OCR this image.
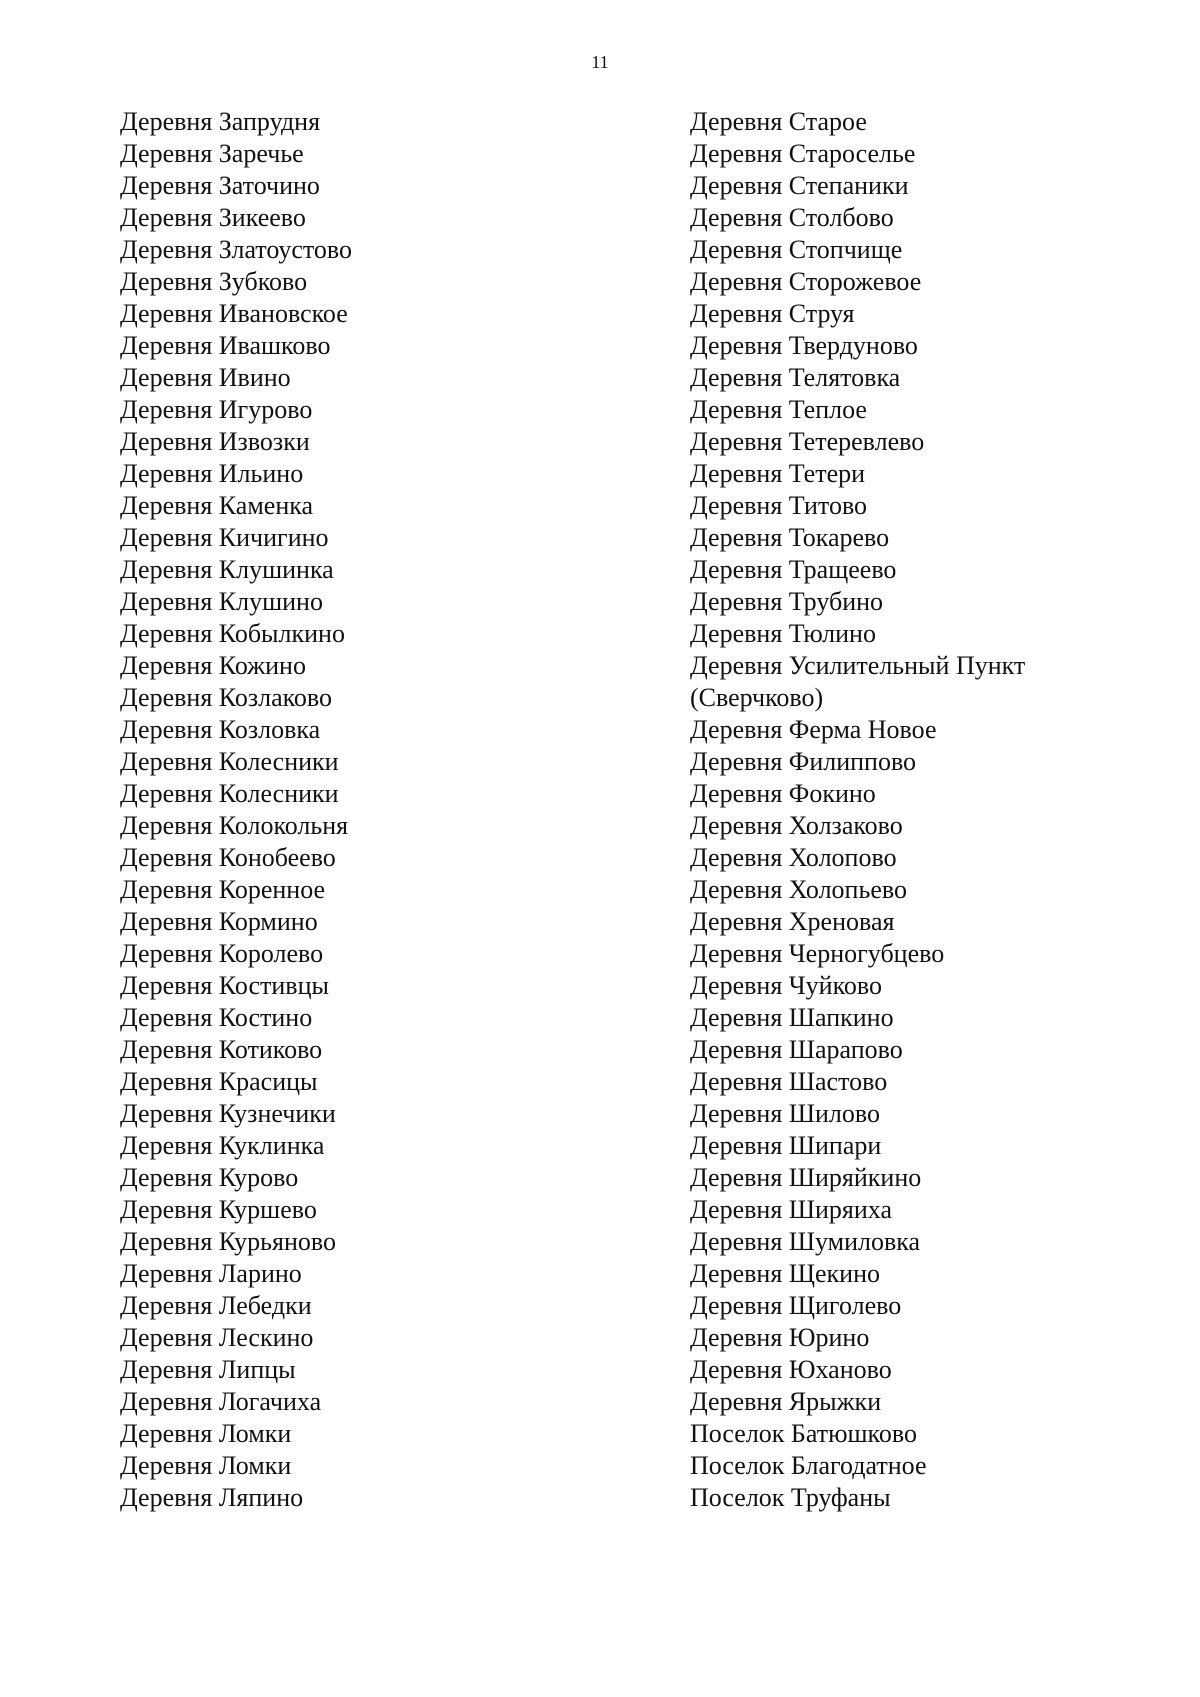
11
Деревня Запрудня
Деревня Заречье
Деревня Заточино
Деревня Зикеево
Деревня Златоустово
Деревня Зубково
Деревня Ивановское
Деревня Ивашково
Деревня Ивино
Деревня Игурово
Деревня Извозки
Деревня Ильино
Деревня Каменка
Деревня Кичигино
Деревня Клушинка
Деревня Клушино
Деревня Кобылкино
Деревня Кожино
Деревня Козлаково
Деревня Козловка
Деревня Колесники
Деревня Колесники
Деревня Колокольня
Деревня Конобеево
Деревня Коренное
Деревня Кормино
Деревня Королево
Деревня Костивцы
Деревня Костино
Деревня Котиково
Деревня Красицы
Деревня Кузнечики
Деревня Куклинка
Деревня Курово
Деревня Куршево
Деревня Курьяново
Деревня Ларино
Деревня Лебедки
Деревня Лескино
Деревня Липцы
Деревня Логачиха
Деревня Ломки
Деревня Ломки
Деревня Ляпино
Деревня Старое
Деревня Староселье
Деревня Степаники
Деревня Столбово
Деревня Стопчище
Деревня Сторожевое
Деревня Струя
Деревня Твердуново
Деревня Телятовка
Деревня Теплое
Деревня Тетеревлево
Деревня Тетери
Деревня Титово
Деревня Токарево
Деревня Тращеево
Деревня Трубино
Деревня Тюлино
Деревня Усилительный Пункт (Сверчково)
Деревня Ферма Новое
Деревня Филиппово
Деревня Фокино
Деревня Холзаково
Деревня Холопово
Деревня Холопьево
Деревня Хреновая
Деревня Черногубцево
Деревня Чуйково
Деревня Шапкино
Деревня Шарапово
Деревня Шастово
Деревня Шилово
Деревня Шипари
Деревня Ширяйкино
Деревня Ширяиха
Деревня Шумиловка
Деревня Щекино
Деревня Щиголево
Деревня Юрино
Деревня Юханово
Деревня Ярыжки
Поселок Батюшково
Поселок Благодатное
Поселок Труфаны
